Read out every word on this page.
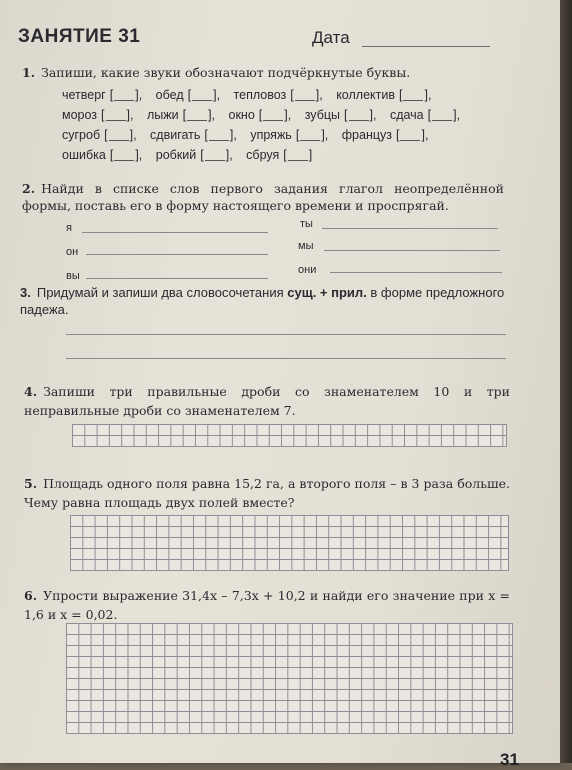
ЗАНЯТИЕ 31	Дата
1. Запиши, какие звуки обозначают подчёркнутые буквы.
четверг [ ], обед [ ], тепловоз [ ], коллектив [ ],
мороз [ ], лыжи [ ], окно [ ], зубцы [ ], сдача [ ],
сугроб [ ], сдвигать [ ], упряжь [ ], француз [ ],
ошибка [ ], робкий [ ], сбруя [ ]
2. Найди в списке слов первого задания глагол неопределённой формы, поставь его в форму настоящего времени и проспрягай.
я	ты
он	мы
вы	они
3. Придумай и запиши два словосочетания сущ. + прил. в форме предложного падежа.
4. Запиши три правильные дроби со знаменателем 10 и три неправильные дроби со знаменателем 7.
5. Площадь одного поля равна 15,2 га, а второго поля – в 3 раза больше. Чему равна площадь двух полей вместе?
6. Упрости выражение 31,4x – 7,3x + 10,2 и найди его значение при x = 1,6 и x = 0,02.
31
